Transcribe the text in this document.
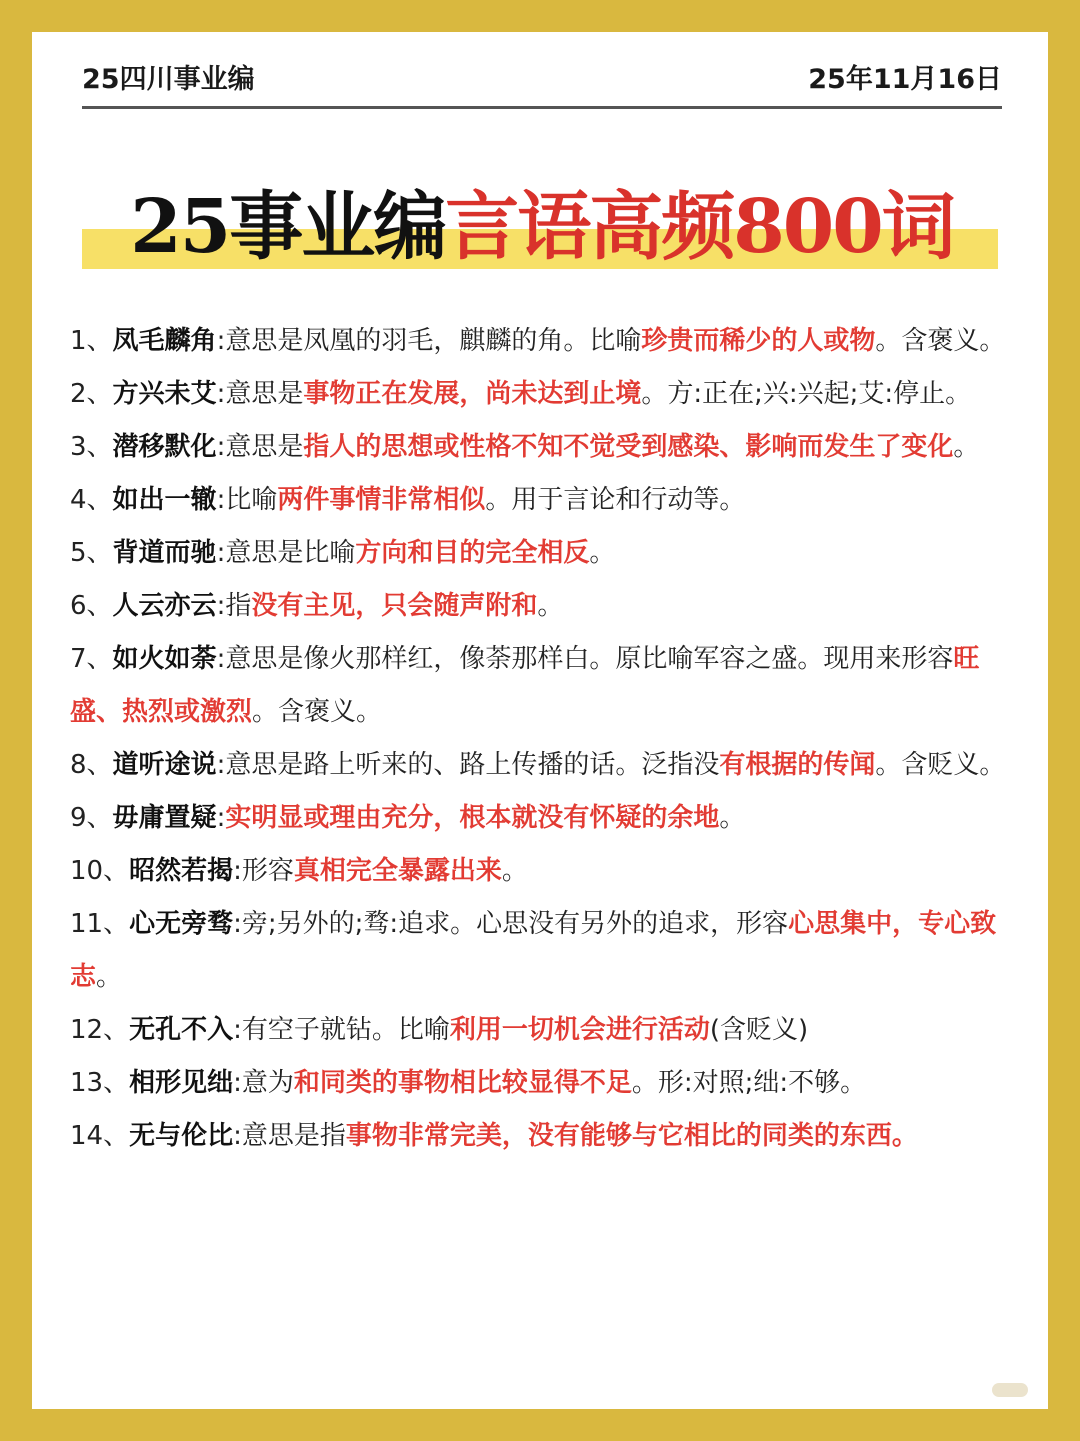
25四川事业编	25年11月16日
25事业编言语高频800词
1、凤毛麟角:意思是凤凰的羽毛，麒麟的角。比喻珍贵而稀少的人或物。含褒义。
2、方兴未艾:意思是事物正在发展，尚未达到止境。方:正在;兴:兴起;艾:停止。
3、潜移默化:意思是指人的思想或性格不知不觉受到感染、影响而发生了变化。
4、如出一辙:比喻两件事情非常相似。用于言论和行动等。
5、背道而驰:意思是比喻方向和目的完全相反。
6、人云亦云:指没有主见，只会随声附和。
7、如火如荼:意思是像火那样红，像荼那样白。原比喻军容之盛。现用来形容旺盛、热烈或激烈。含褒义。
8、道听途说:意思是路上听来的、路上传播的话。泛指没有根据的传闻。含贬义。
9、毋庸置疑:实明显或理由充分，根本就没有怀疑的余地。
10、昭然若揭:形容真相完全暴露出来。
11、心无旁骛:旁;另外的;骛:追求。心思没有另外的追求，形容心思集中，专心致志。
12、无孔不入:有空子就钻。比喻利用一切机会进行活动(含贬义)
13、相形见绌:意为和同类的事物相比较显得不足。形:对照;绌:不够。
14、无与伦比:意思是指事物非常完美，没有能够与它相比的同类的东西。
